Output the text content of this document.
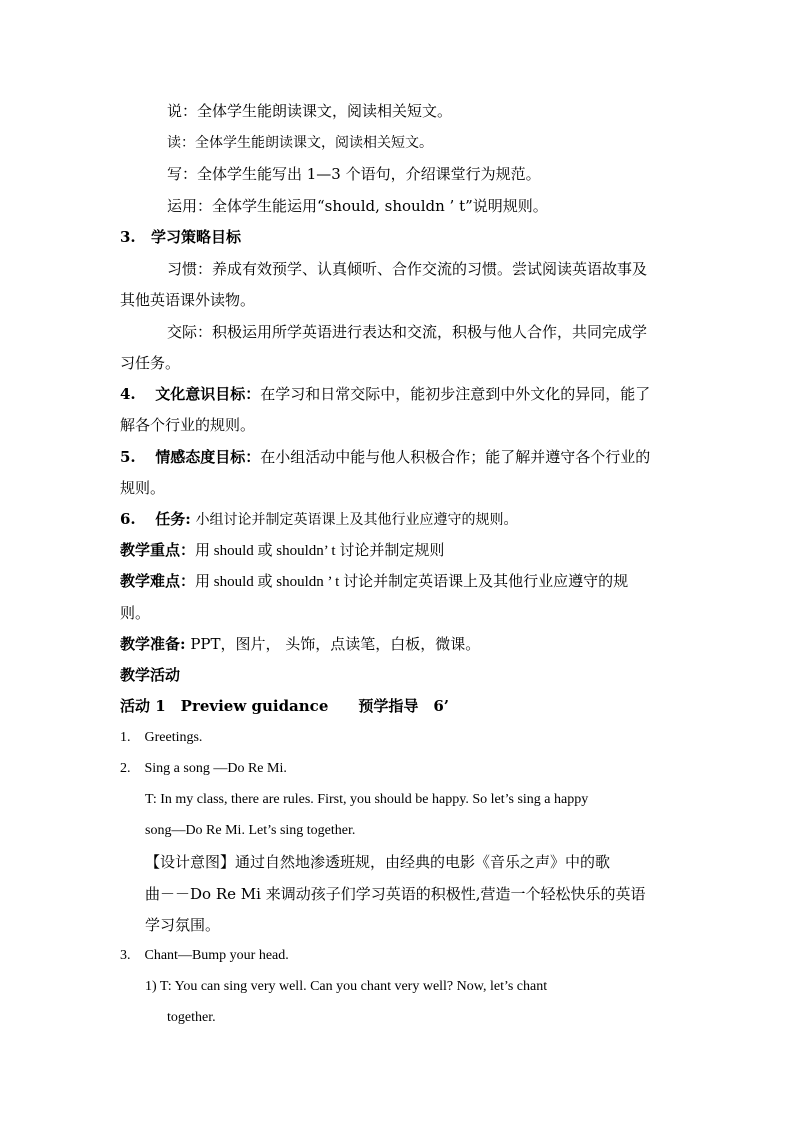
说：全体学生能朗读课文，阅读相关短文。
读：全体学生能朗读课文，阅读相关短文。
写：全体学生能写出 1—3 个语句，介绍课堂行为规范。
运用：全体学生能运用“should, shouldn ’ t”说明规则。
3. 学习策略目标
习惯：养成有效预学、认真倾听、合作交流的习惯。尝试阅读英语故事及
其他英语课外读物。
交际：积极运用所学英语进行表达和交流，积极与他人合作，共同完成学
习任务。
4. 文化意识目标：在学习和日常交际中，能初步注意到中外文化的异同，能了
解各个行业的规则。
5. 情感态度目标：在小组活动中能与他人积极合作；能了解并遵守各个行业的
规则。
6. 任务: 小组讨论并制定英语课上及其他行业应遵守的规则。
教学重点：用 should 或 shouldn’ t 讨论并制定规则
教学难点：用 should 或 shouldn ’ t 讨论并制定英语课上及其他行业应遵守的规
则。
教学准备: PPT，图片， 头饰，点读笔，白板，微课。
教学活动
活动 1　Preview guidance　　预学指导　6’
1.　Greetings.
2.　Sing a song —Do Re Mi.
T: In my class, there are rules. First, you should be happy. So let’s sing a happy
song—Do Re Mi. Let’s sing together.
【设计意图】通过自然地渗透班规，由经典的电影《音乐之声》中的歌
曲－－Do Re Mi 来调动孩子们学习英语的积极性,营造一个轻松快乐的英语
学习氛围。
3.　Chant—Bump your head.
1) T: You can sing very well. Can you chant very well? Now, let’s chant
together.
